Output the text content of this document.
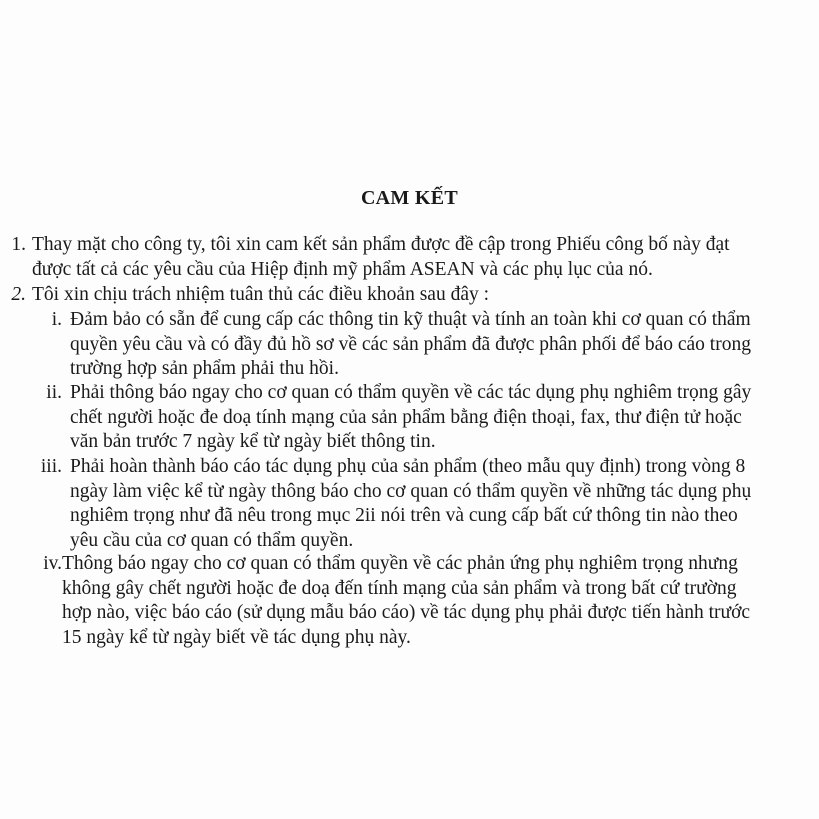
CAM KẾT
1. Thay mặt cho công ty, tôi xin cam kết sản phẩm được đề cập trong Phiếu công bố này đạt
được tất cả các yêu cầu của Hiệp định mỹ phẩm ASEAN và các phụ lục của nó.
2. Tôi xin chịu trách nhiệm tuân thủ các điều khoản sau đây :
i. Đảm bảo có sẵn để cung cấp các thông tin kỹ thuật và tính an toàn khi cơ quan có thẩm
quyền yêu cầu và có đầy đủ hồ sơ về các sản phẩm đã được phân phối để báo cáo trong
trường hợp sản phẩm phải thu hồi.
ii. Phải thông báo ngay cho cơ quan có thẩm quyền về các tác dụng phụ nghiêm trọng gây
chết người hoặc đe doạ tính mạng của sản phẩm bằng điện thoại, fax, thư điện tử hoặc
văn bản trước 7 ngày kể từ ngày biết thông tin.
iii. Phải hoàn thành báo cáo tác dụng phụ của sản phẩm (theo mẫu quy định) trong vòng 8
ngày làm việc kể từ ngày thông báo cho cơ quan có thẩm quyền về những tác dụng phụ
nghiêm trọng như đã nêu trong mục 2ii nói trên và cung cấp bất cứ thông tin nào theo
yêu cầu của cơ quan có thẩm quyền.
iv. Thông báo ngay cho cơ quan có thẩm quyền về các phản ứng phụ nghiêm trọng nhưng
không gây chết người hoặc đe doạ đến tính mạng của sản phẩm và trong bất cứ trường
hợp nào, việc báo cáo (sử dụng mẫu báo cáo) về tác dụng phụ phải được tiến hành trước
15 ngày kể từ ngày biết về tác dụng phụ này.
